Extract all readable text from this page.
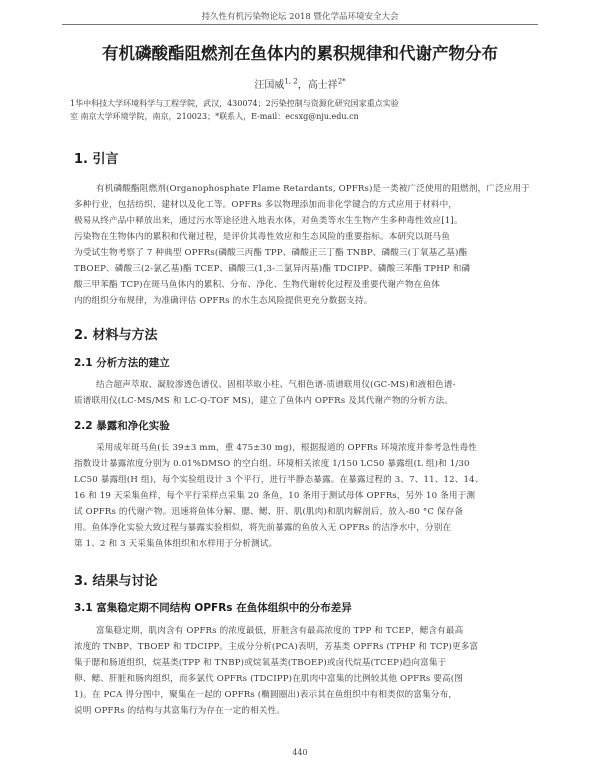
持久性有机污染物论坛 2018 暨化学品环境安全大会
有机磷酸酯阻燃剂在鱼体内的累积规律和代谢产物分布
汪国威$^{1, 2}$，高士祥$^{2*}$
1华中科技大学环境科学与工程学院，武汉，430074；2污染控制与资源化研究国家重点实验
室 南京大学环境学院，南京，210023；*联系人，E-mail：ecsxg@nju.edu.cn
1. 引言
有机磷酸酯阻燃剂(Organophosphate Flame Retardants, OPFRs)是一类被广泛使用的阻燃剂，广泛应用于
多种行业，包括纺织、建材以及化工等。OPFRs 多以物理添加而非化学键合的方式应用于材料中，
极易从终产品中释放出来，通过污水等途径进入地表水体，对鱼类等水生生物产生多种毒性效应[1]。
污染物在生物体内的累积和代谢过程，是评价其毒性效应和生态风险的重要指标。本研究以斑马鱼
为受试生物考察了 7 种典型 OPFRs(磷酸三丙酯 TPP、磷酸正三丁酯 TNBP、磷酸三(丁氧基乙基)酯
TBOEP、磷酸三(2-氯乙基)酯 TCEP、磷酸三(1,3-二氯异丙基)酯 TDCIPP、磷酸三苯酯 TPHP 和磷
酸三甲苯酯 TCP)在斑马鱼体内的累积、分布、净化、生物代谢转化过程及重要代谢产物在鱼体
内的组织分布规律，为准确评估 OPFRs 的水生态风险提供更充分数据支持。
2. 材料与方法
2.1 分析方法的建立
结合超声萃取、凝胶渗透色谱仪、固相萃取小柱、气相色谱-质谱联用仪(GC-MS)和液相色谱-
质谱联用仪(LC-MS/MS 和 LC-Q-TOF MS)，建立了鱼体内 OPFRs 及其代谢产物的分析方法。
2.2 暴露和净化实验
采用成年斑马鱼(长 39±3 mm，重 475±30 mg)，根据报道的 OPFRs 环境浓度并参考急性毒性
指数设计暴露浓度分别为 0.01%DMSO 的空白组、环境相关浓度 1/150 LC50 暴露组(L 组)和 1/30
LC50 暴露组(H 组)，每个实验组设计 3 个平行，进行半静态暴露。在暴露过程的 3、7、11、12、14、
16 和 19 天采集鱼样，每个平行采样点采集 20 条鱼，10 条用于测试母体 OPFRs，另外 10 条用于测
试 OPFRs 的代谢产物。迅速将鱼体分解、腮、鳃、肝、肌(肌肉)和肌肉解剖后，放入-80 °C 保存备
用。鱼体净化实验大致过程与暴露实验相似，将先前暴露的鱼放入无 OPFRs 的洁净水中，分别在
第 1、2 和 3 天采集鱼体组织和水样用于分析测试。
3. 结果与讨论
3.1 富集稳定期不同结构 OPFRs 在鱼体组织中的分布差异
富集稳定期，肌肉含有 OPFRs 的浓度最低，肝脏含有最高浓度的 TPP 和 TCEP，鳃含有最高
浓度的 TNBP、TBOEP 和 TDCIPP。主成分分析(PCA)表明，芳基类 OPFRs (TPHP 和 TCP)更多富
集于腮和肠道组织，烷基类(TPP 和 TNBP)或烷氧基类(TBOEP)或卤代烷基(TCEP)趋向富集于
卵、鳃、肝脏和肠肉组织，而多氯代 OPFRs (TDCIPP)在肌肉中富集的比例较其他 OPFRs 要高(图
1)。在 PCA 得分图中，聚集在一起的 OPFRs (椭圆圈出)表示其在鱼组织中有相类似的富集分布，
说明 OPFRs 的结构与其富集行为存在一定的相关性。
440
